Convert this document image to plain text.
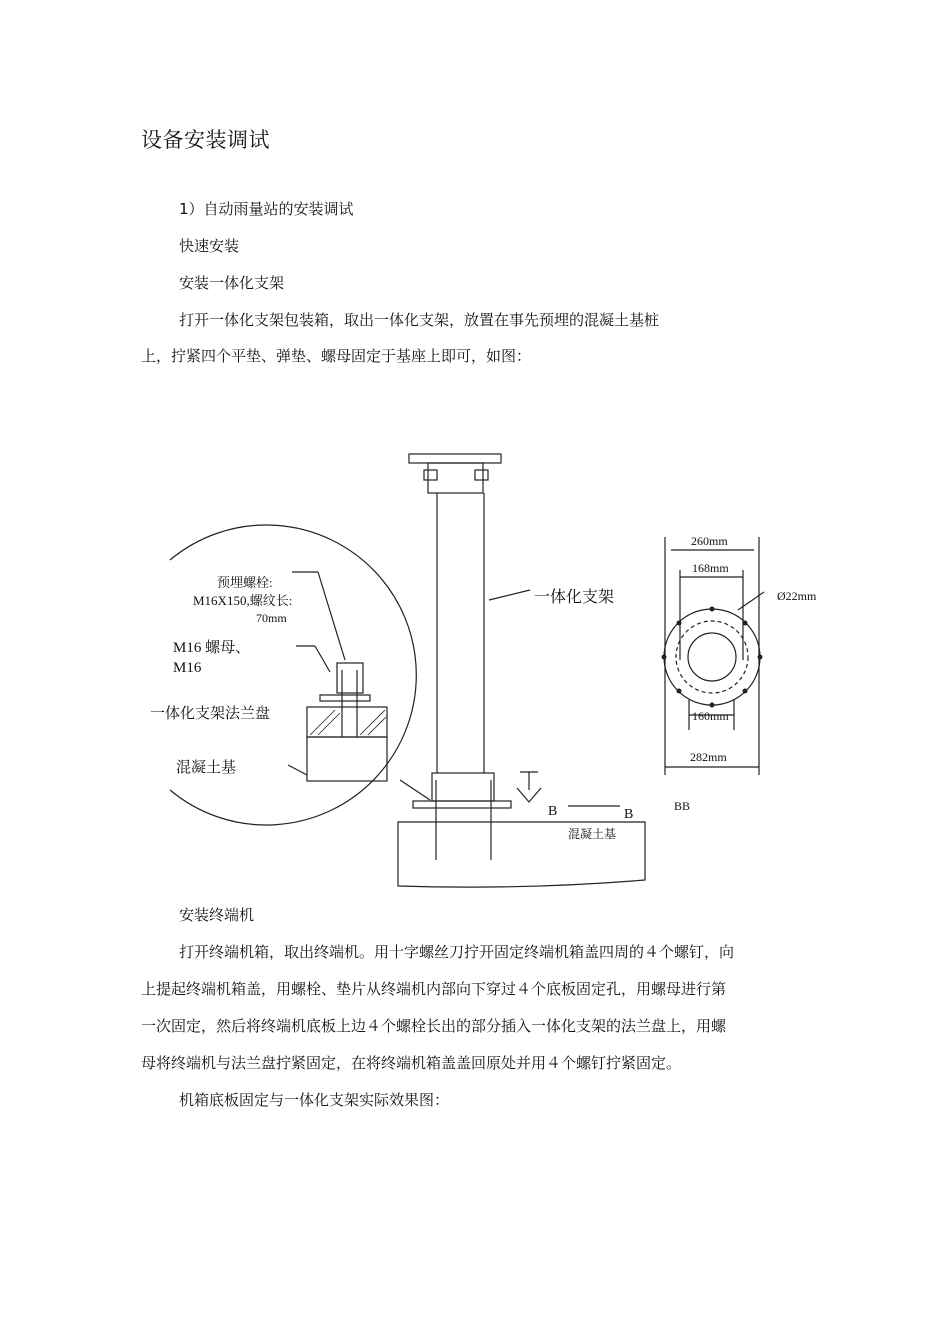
设备安装调试
1）自动雨量站的安装调试
快速安装
安装一体化支架
打开一体化支架包装箱，取出一体化支架，放置在事先预埋的混凝土基桩
上，拧紧四个平垫、弹垫、螺母固定于基座上即可，如图：
预埋螺栓:
M16X150,螺纹长:
70mm
M16 螺母、
M16
一体化支架法兰盘
混凝土基
一体化支架
B	B
混凝土基
260mm
168mm
Ø22mm
160mm
282mm
BB
安装终端机
打开终端机箱，取出终端机。用十字螺丝刀拧开固定终端机箱盖四周的４个螺钉，向
上提起终端机箱盖，用螺栓、垫片从终端机内部向下穿过４个底板固定孔，用螺母进行第
一次固定，然后将终端机底板上边４个螺栓长出的部分插入一体化支架的法兰盘上，用螺
母将终端机与法兰盘拧紧固定，在将终端机箱盖盖回原处并用４个螺钉拧紧固定。
机箱底板固定与一体化支架实际效果图：
